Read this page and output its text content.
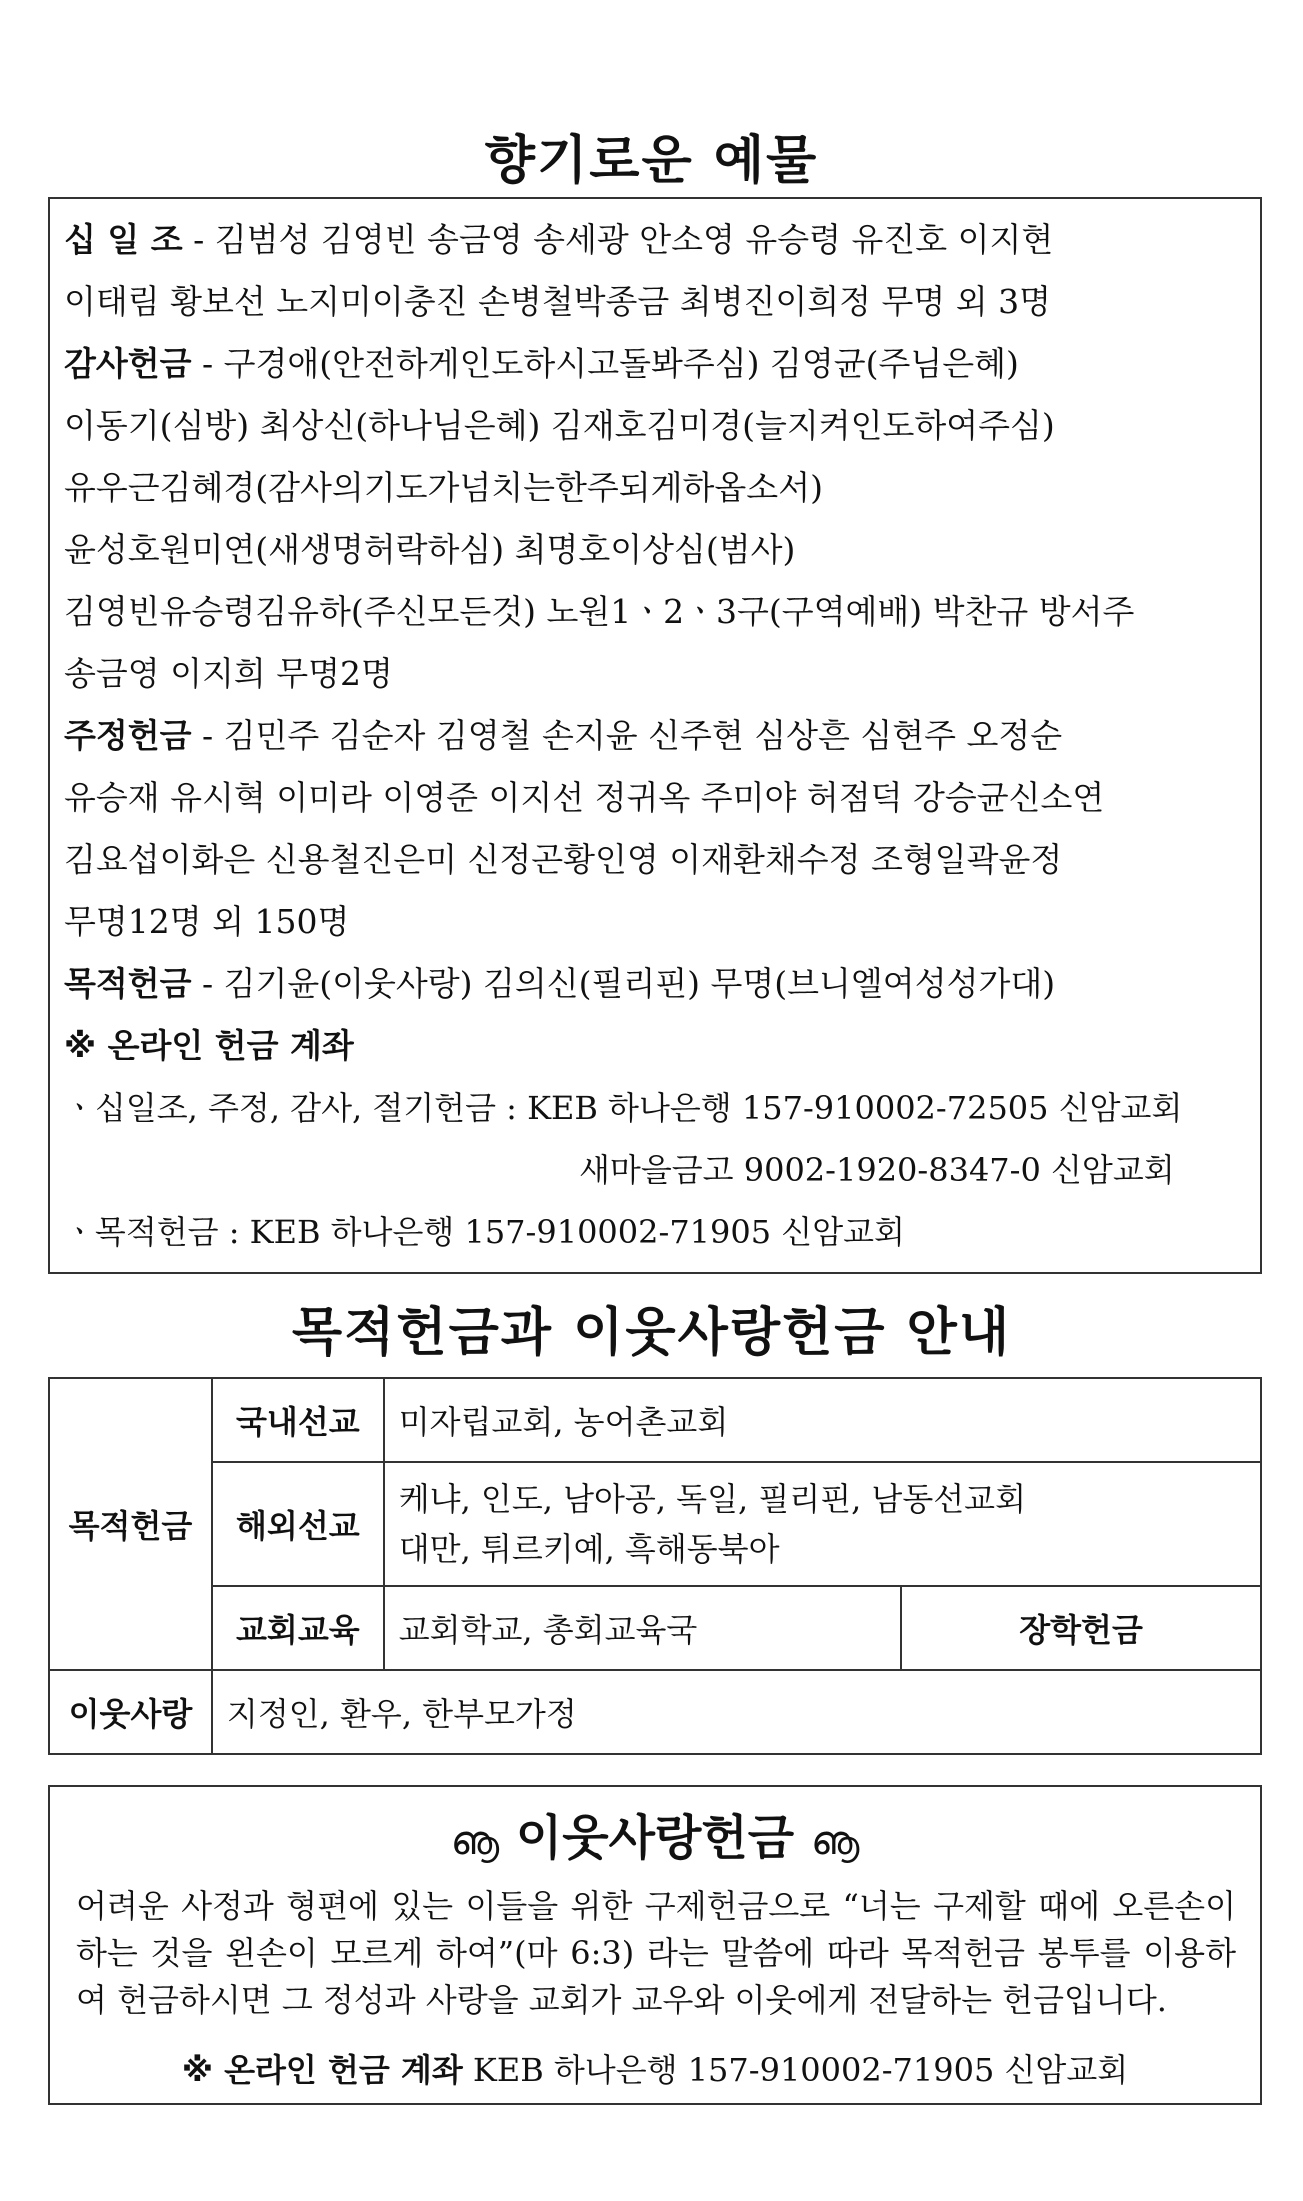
향기로운 예물
십 일 조 - 김범성 김영빈 송금영 송세광 안소영 유승령 유진호 이지현
이태림 황보선 노지미이충진 손병철박종금 최병진이희정 무명 외 3명
감사헌금 - 구경애(안전하게인도하시고돌봐주심) 김영균(주님은혜)
이동기(심방) 최상신(하나님은혜) 김재호김미경(늘지켜인도하여주심)
유우근김혜경(감사의기도가넘치는한주되게하옵소서)
윤성호원미연(새생명허락하심) 최명호이상심(범사)
김영빈유승령김유하(주신모든것) 노원1ㆍ2ㆍ3구(구역예배) 박찬규 방서주
송금영 이지희 무명2명
주정헌금 - 김민주 김순자 김영철 손지윤 신주현 심상흔 심현주 오정순
유승재 유시혁 이미라 이영준 이지선 정귀옥 주미야 허점덕 강승균신소연
김요섭이화은 신용철진은미 신정곤황인영 이재환채수정 조형일곽윤정
무명12명 외 150명
목적헌금 - 김기윤(이웃사랑) 김의신(필리핀) 무명(브니엘여성성가대)
※ 온라인 헌금 계좌
ㆍ십일조, 주정, 감사, 절기헌금 : KEB 하나은행 157-910002-72505 신암교회
새마을금고 9002-1920-8347-0 신암교회
ㆍ목적헌금 : KEB 하나은행 157-910002-71905 신암교회
목적헌금과 이웃사랑헌금 안내
목적헌금	국내선교	미자립교회, 농어촌교회	
	해외선교	케냐, 인도, 남아공, 독일, 필리핀, 남동선교회
대만, 튀르키예, 흑해동북아	

	교회교육	교회학교, 총회교육국	장학헌금
이웃사랑	지정인, 환우, 한부모가정		
ൡ 이웃사랑헌금 ൡ
어려운 사정과 형편에 있는 이들을 위한 구제헌금으로 “너는 구제할 때에 오른손이 하는 것을 왼손이 모르게 하여”(마 6:3) 라는 말씀에 따라 목적헌금 봉투를 이용하여 헌금하시면 그 정성과 사랑을 교회가 교우와 이웃에게 전달하는 헌금입니다.
※ 온라인 헌금 계좌 KEB 하나은행 157-910002-71905 신암교회
